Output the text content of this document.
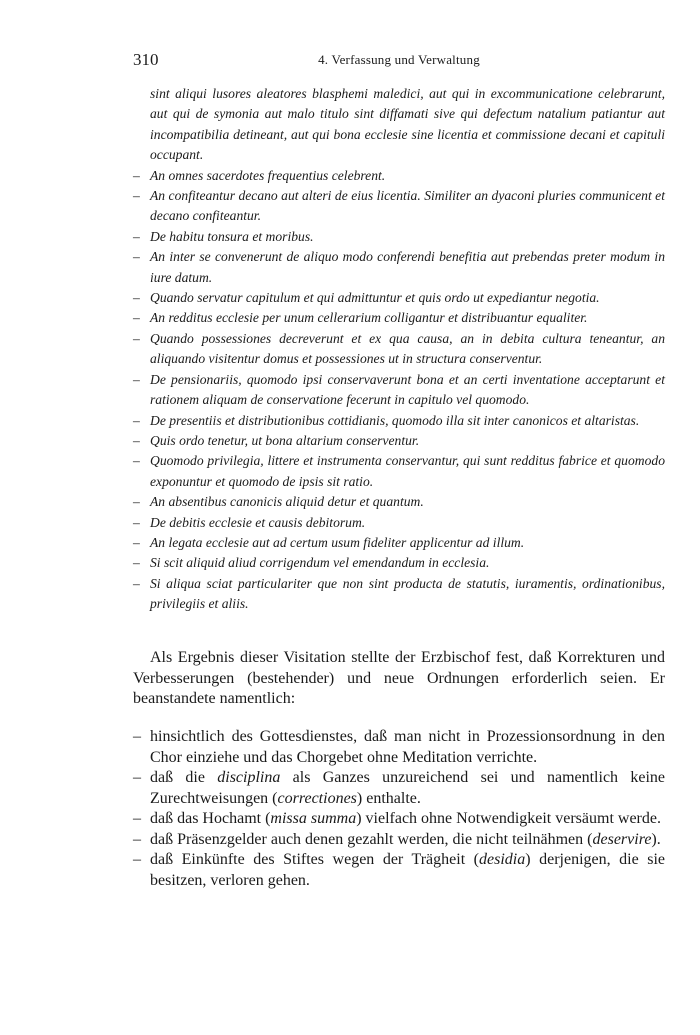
310	4. Verfassung und Verwaltung
sint aliqui lusores aleatores blasphemi maledici, aut qui in excommunicatione celebrarunt, aut qui de symonia aut malo titulo sint diffamati sive qui defectum natalium patiantur aut incompatibilia detineant, aut qui bona ecclesie sine licentia et commissione decani et capituli occupant.
– An omnes sacerdotes frequentius celebrent.
– An confiteantur decano aut alteri de eius licentia. Similiter an dyaconi pluries communicent et decano confiteantur.
– De habitu tonsura et moribus.
– An inter se convenerunt de aliquo modo conferendi benefitia aut prebendas preter modum in iure datum.
– Quando servatur capitulum et qui admittuntur et quis ordo ut expediantur negotia.
– An redditus ecclesie per unum cellerarium colligantur et distribuantur equaliter.
– Quando possessiones decreverunt et ex qua causa, an in debita cultura teneantur, an aliquando visitentur domus et possessiones ut in structura conserventur.
– De pensionariis, quomodo ipsi conservaverunt bona et an certi inventatione acceptarunt et rationem aliquam de conservatione fecerunt in capitulo vel quomodo.
– De presentiis et distributionibus cottidianis, quomodo illa sit inter canonicos et altaristas.
– Quis ordo tenetur, ut bona altarium conserventur.
– Quomodo privilegia, littere et instrumenta conservantur, qui sunt redditus fabrice et quomodo exponuntur et quomodo de ipsis sit ratio.
– An absentibus canonicis aliquid detur et quantum.
– De debitis ecclesie et causis debitorum.
– An legata ecclesie aut ad certum usum fideliter applicentur ad illum.
– Si scit aliquid aliud corrigendum vel emendandum in ecclesia.
– Si aliqua sciat particulariter que non sint producta de statutis, iuramentis, ordinationibus, privilegiis et aliis.

Als Ergebnis dieser Visitation stellte der Erzbischof fest, daß Korrekturen und Verbesserungen (bestehender) und neue Ordnungen erforderlich seien. Er beanstandete namentlich:

– hinsichtlich des Gottesdienstes, daß man nicht in Prozessionsordnung in den Chor einziehe und das Chorgebet ohne Meditation verrichte.
– daß die disciplina als Ganzes unzureichend sei und namentlich keine Zurechtweisungen (correctiones) enthalte.
– daß das Hochamt (missa summa) vielfach ohne Notwendigkeit versäumt werde.
– daß Präsenzgelder auch denen gezahlt werden, die nicht teilnähmen (deservire).
– daß Einkünfte des Stiftes wegen der Trägheit (desidia) derjenigen, die sie besitzen, verloren gehen.
